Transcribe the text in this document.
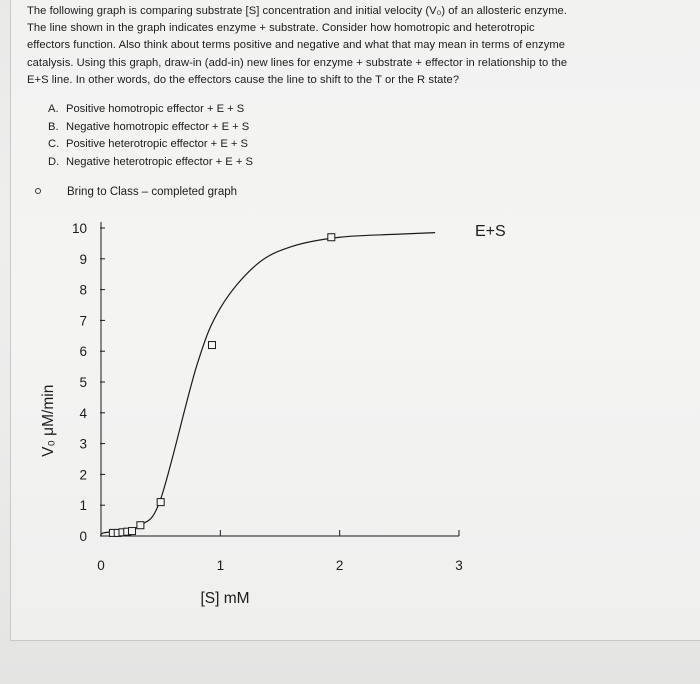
The following graph is comparing substrate [S] concentration and initial velocity (V₀) of an allosteric enzyme.

The line shown in the graph indicates enzyme + substrate. Consider how homotropic and heterotropic

effectors function. Also think about terms positive and negative and what that may mean in terms of enzyme

catalysis. Using this graph, draw-in (add-in) new lines for enzyme + substrate + effector in relationship to the

E+S line. In other words, do the effectors cause the line to shift to the T or the R state?

A. Positive homotropic effector + E + S
B. Negative homotropic effector + E + S
C. Positive heterotropic effector + E + S
D. Negative heterotropic effector + E + S
Bring to Class – completed graph
0
1
2
3
4
5
6
7
8
9
10
0	1	2	3
[S] mM
V₀ μM/min
E+S
